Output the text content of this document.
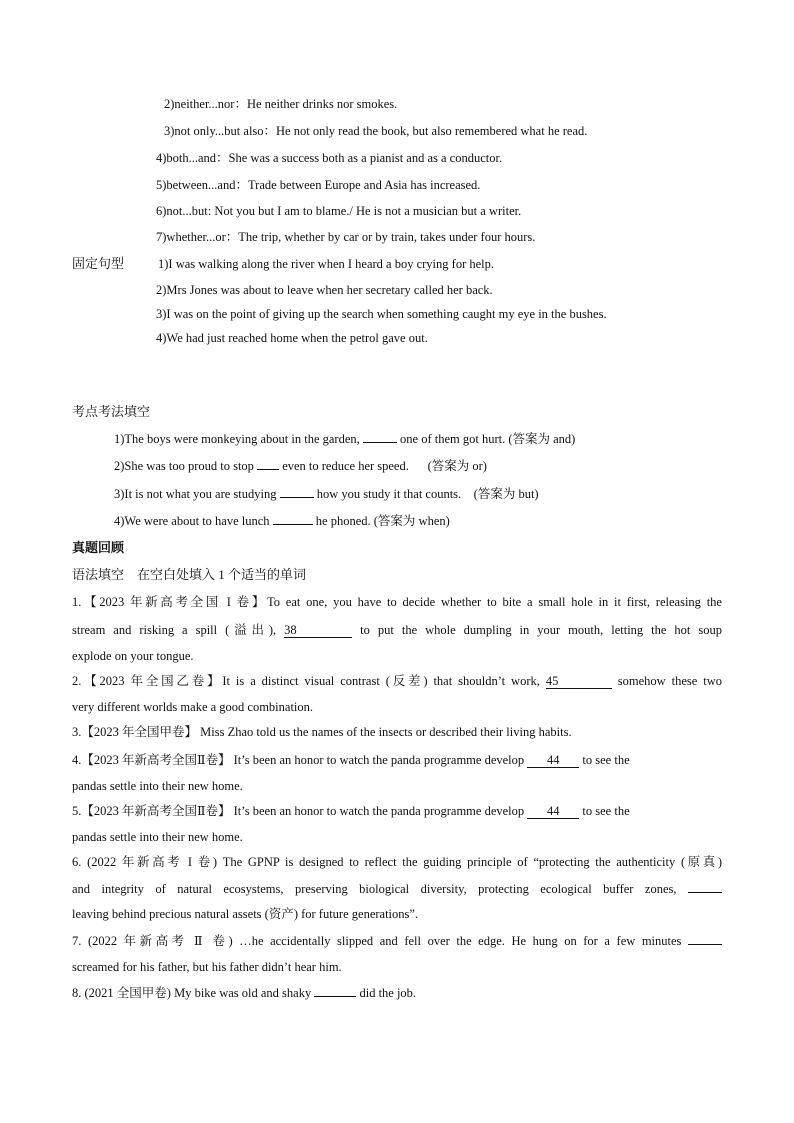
2)neither...nor：He neither drinks nor smokes.
3)not only...but also：He not only read the book, but also remembered what he read.
4)both...and：She was a success both as a pianist and as a conductor.
5)between...and：Trade between Europe and Asia has increased.
6)not...but: Not you but I am to blame./ He is not a musician but a writer.
7)whether...or：The trip, whether by car or by train, takes under four hours.
固定句型	1)I was walking along the river when I heard a boy crying for help.
2)Mrs Jones was about to leave when her secretary called her back.
3)I was on the point of giving up the search when something caught my eye in the bushes.
4)We had just reached home when the petrol gave out.
考点考法填空
1)The boys were monkeying about in the garden,	one of them got hurt. (答案为 and)
2)She was too proud to stop even to reduce her speed.      (答案为 or)
3)It is not what you are studying	how you study it that counts.    (答案为 but)
4)We were about to have lunch	he phoned. (答案为 when)
真题回顾
语法填空　在空白处填入 1 个适当的单词
1.【2023 年新高考全国 I 卷】To eat one, you have to decide whether to bite a small hole in it first, releasing the
stream and risking a spill (溢出), 38	to put the whole dumpling in your mouth, letting the hot soup
explode on your tongue.
2.【2023 年全国乙卷】It is a distinct visual contrast (反差) that shouldn’t work, 45	somehow these two
very different worlds make a good combination.
3.【2023 年全国甲卷】 Miss Zhao told us the names of the insects or described their living habits.
4.【2023 年新高考全国Ⅱ卷】 It’s been an honor to watch the panda programme develop 44 to see the
pandas settle into their new home.
5.【2023 年新高考全国Ⅱ卷】 It’s been an honor to watch the panda programme develop 44 to see the
pandas settle into their new home.
6. (2022 年新高考 I 卷) The GPNP is designed to reflect the guiding principle of “protecting the authenticity (原真)
and integrity of natural ecosystems, preserving biological diversity, protecting ecological buffer zones,
leaving behind precious natural assets (资产) for future generations”.
7. (2022 年新高考 Ⅱ 卷) …he accidentally slipped and fell over the edge. He hung on for a few minutes
screamed for his father, but his father didn’t hear him.
8. (2021 全国甲卷) My bike was old and shaky	did the job.
